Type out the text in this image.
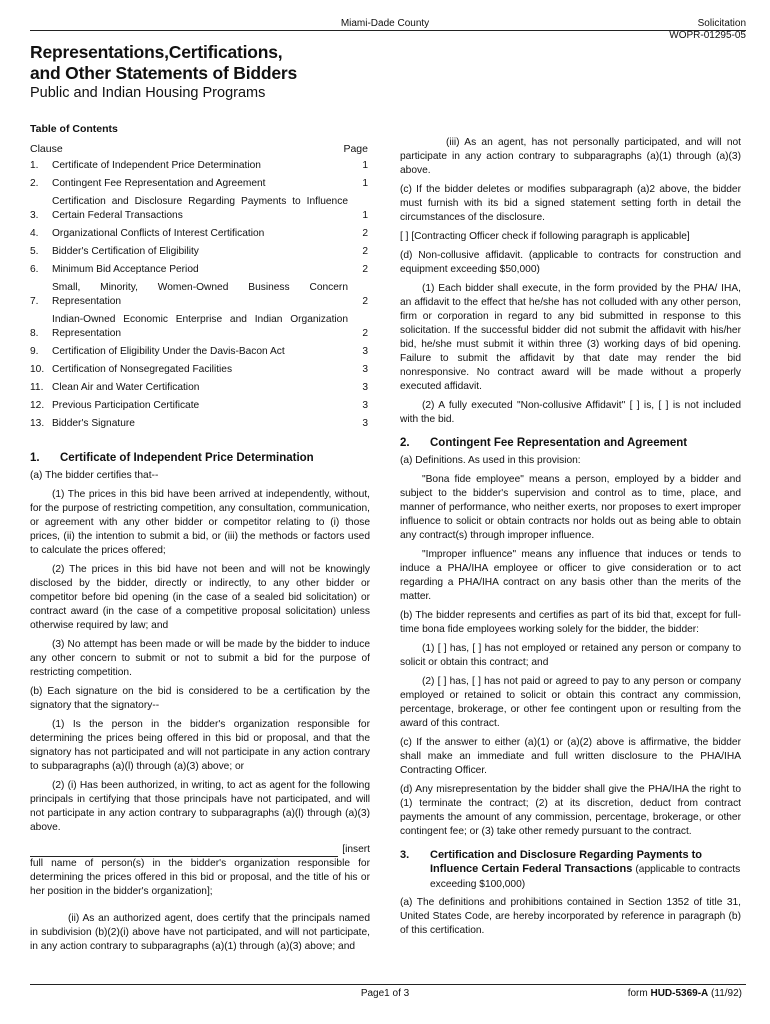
Miami-Dade County	Solicitation
WOPR-01295-05
Representations,Certifications,
and Other Statements of Bidders
Public and Indian Housing Programs
Table of Contents
Clause	Page
1.	Certificate of Independent Price Determination	1
2.	Contingent Fee Representation and Agreement	1
3.
Certification and Disclosure Regarding Payments to Influence Certain Federal Transactions	1
4.	Organizational Conflicts of Interest Certification	2
5.	Bidder's Certification of Eligibility	2
6.	Minimum Bid Acceptance Period	2
7.
Small, Minority, Women-Owned Business Concern Representation	2
8.
Indian-Owned Economic Enterprise and Indian Organization Representation	2
9.	Certification of Eligibility Under the Davis-Bacon Act	3
10. Certification of Nonsegregated Facilities	3
11. Clean Air and Water Certification	3
12. Previous Participation Certificate	3
13. Bidder's Signature	3
1.	Certificate of Independent Price Determination

(a) The bidder certifies that--

(1) The prices in this bid have been arrived at independently, without, for the purpose of restricting competition, any consultation, communication, or agreement with any other bidder or competitor relating to (i) those prices, (ii) the intention to submit a bid, or (iii) the methods or factors used to calculate the prices offered;

(2) The prices in this bid have not been and will not be knowingly disclosed by the bidder, directly or indirectly, to any other bidder or competitor before bid opening (in the case of a sealed bid solicitation) or contract award (in the case of a competitive proposal solicitation) unless otherwise required by law; and

(3) No attempt has been made or will be made by the bidder to induce any other concern to submit or not to submit a bid for the purpose of restricting competition.

(b) Each signature on the bid is considered to be a certification by the signatory that the signatory--

(1) Is the person in the bidder's organization responsible for determining the prices being offered in this bid or proposal, and that the signatory has not participated and will not participate in any action contrary to subparagraphs (a)(l) through (a)(3) above; or

(2) (i) Has been authorized, in writing, to act as agent for the following principals in certifying that those principals have not participated, and will not participate in any action contrary to subparagraphs (a)(l) through (a)(3) above.

[insert

full name of person(s) in the bidder's organization responsible for determining the prices offered in this bid or proposal, and the title of his or her position in the bidder's organization];

(ii) As an authorized agent, does certify that the principals named in subdivision (b)(2)(i) above have not participated, and will not participate, in any action contrary to subparagraphs (a)(1) through (a)(3) above; and

(iii) As an agent, has not personally participated, and will not participate in any action contrary to subparagraphs (a)(1) through (a)(3) above.

(c) If the bidder deletes or modifies subparagraph (a)2 above, the bidder must furnish with its bid a signed statement setting forth in detail the circumstances of the disclosure.

[ ] [Contracting Officer check if following paragraph is applicable]

(d) Non-collusive affidavit. (applicable to contracts for construction and equipment exceeding $50,000)

(1) Each bidder shall execute, in the form provided by the PHA/ IHA, an affidavit to the effect that he/she has not colluded with any other person, firm or corporation in regard to any bid submitted in response to this solicitation. If the successful bidder did not submit the affidavit with his/her bid, he/she must submit it within three (3) working days of bid opening. Failure to submit the affidavit by that date may render the bid nonresponsive. No contract award will be made without a properly executed affidavit.

(2) A fully executed "Non-collusive Affidavit" [ ] is, [ ] is not included with the bid.

2.	Contingent Fee Representation and Agreement

(a) Definitions. As used in this provision:

"Bona fide employee" means a person, employed by a bidder and subject to the bidder's supervision and control as to time, place, and manner of performance, who neither exerts, nor proposes to exert improper influence to solicit or obtain contracts nor holds out as being able to obtain any contract(s) through improper influence.

"Improper influence" means any influence that induces or tends to induce a PHA/IHA employee or officer to give consideration or to act regarding a PHA/IHA contract on any basis other than the merits of the matter.

(b) The bidder represents and certifies as part of its bid that, except for full-time bona fide employees working solely for the bidder, the bidder:

(1) [ ] has, [ ] has not employed or retained any person or company to solicit or obtain this contract; and

(2) [ ] has, [ ] has not paid or agreed to pay to any person or company employed or retained to solicit or obtain this contract any commission, percentage, brokerage, or other fee contingent upon or resulting from the award of this contract.

(c) If the answer to either (a)(1) or (a)(2) above is affirmative, the bidder shall make an immediate and full written disclosure to the PHA/IHA Contracting Officer.

(d) Any misrepresentation by the bidder shall give the PHA/IHA the right to (1) terminate the contract; (2) at its discretion, deduct from contract payments the amount of any commission, percentage, brokerage, or other contingent fee; or (3) take other remedy pursuant to the contract.

3.	Certification and Disclosure Regarding Payments to Influence Certain Federal Transactions (applicable to contracts exceeding $100,000)

(a) The definitions and prohibitions contained in Section 1352 of title 31, United States Code, are hereby incorporated by reference in paragraph (b) of this certification.

Page1 of 3	form HUD-5369-A (11/92)
